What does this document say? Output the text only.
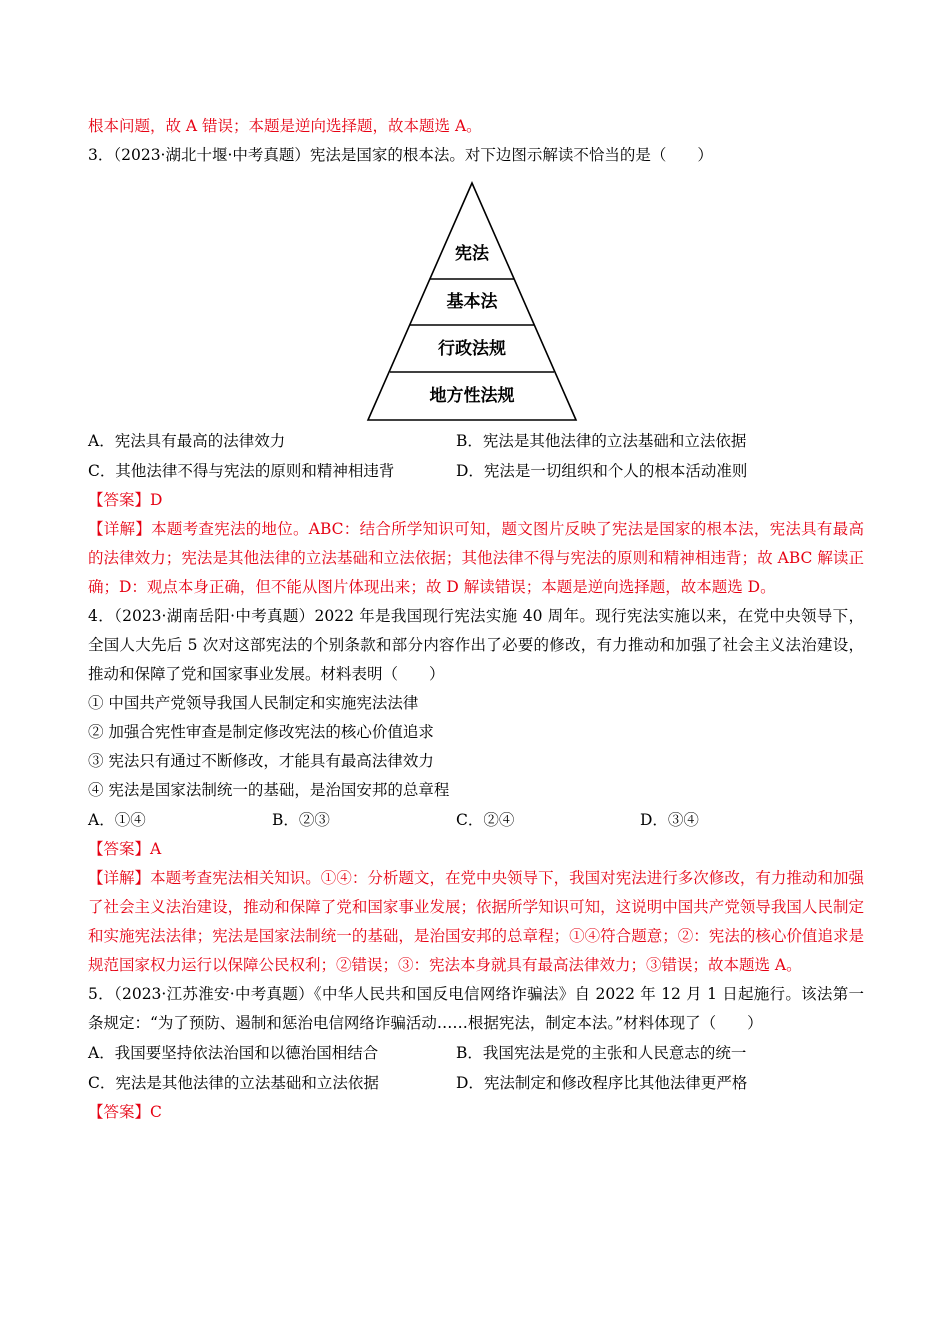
根本问题，故 A 错误；本题是逆向选择题，故本题选 A。
3．（2023·湖北十堰·中考真题）宪法是国家的根本法。对下边图示解读不恰当的是（　　）
宪法
基本法
行政法规
地方性法规
A．宪法具有最高的法律效力	B．宪法是其他法律的立法基础和立法依据
C．其他法律不得与宪法的原则和精神相违背	D．宪法是一切组织和个人的根本活动准则
【答案】D
【详解】本题考查宪法的地位。ABC：结合所学知识可知，题文图片反映了宪法是国家的根本法，宪法具有最高的法律效力；宪法是其他法律的立法基础和立法依据；其他法律不得与宪法的原则和精神相违背；故 ABC 解读正确；D：观点本身正确，但不能从图片体现出来；故 D 解读错误；本题是逆向选择题，故本题选 D。
4．（2023·湖南岳阳·中考真题）2022 年是我国现行宪法实施 40 周年。现行宪法实施以来，在党中央领导下，全国人大先后 5 次对这部宪法的个别条款和部分内容作出了必要的修改，有力推动和加强了社会主义法治建设，推动和保障了党和国家事业发展。材料表明（　　）
① 中国共产党领导我国人民制定和实施宪法法律
② 加强合宪性审查是制定修改宪法的核心价值追求
③ 宪法只有通过不断修改，才能具有最高法律效力
④ 宪法是国家法制统一的基础，是治国安邦的总章程
A．①④	B．②③	C．②④	D．③④
【答案】A
【详解】本题考查宪法相关知识。①④：分析题文，在党中央领导下，我国对宪法进行多次修改，有力推动和加强了社会主义法治建设，推动和保障了党和国家事业发展；依据所学知识可知，这说明中国共产党领导我国人民制定和实施宪法法律；宪法是国家法制统一的基础，是治国安邦的总章程；①④符合题意；②：宪法的核心价值追求是规范国家权力运行以保障公民权利；②错误；③：宪法本身就具有最高法律效力；③错误；故本题选 A。
5．（2023·江苏淮安·中考真题）《中华人民共和国反电信网络诈骗法》自 2022 年 12 月 1 日起施行。该法第一条规定：“为了预防、遏制和惩治电信网络诈骗活动……根据宪法，制定本法。”材料体现了（　　）
A．我国要坚持依法治国和以德治国相结合	B．我国宪法是党的主张和人民意志的统一
C．宪法是其他法律的立法基础和立法依据	D．宪法制定和修改程序比其他法律更严格
【答案】C
